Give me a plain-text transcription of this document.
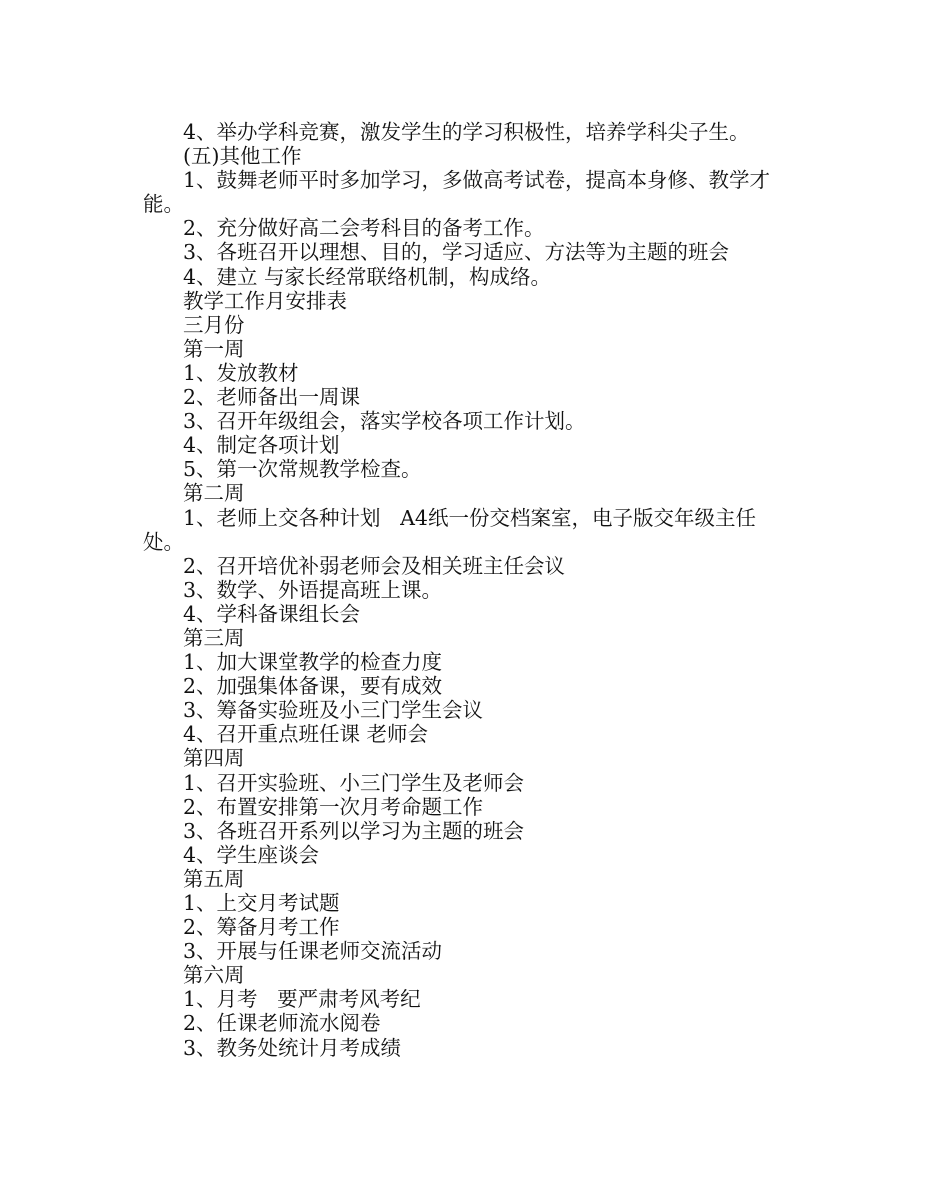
4、举办学科竞赛，激发学生的学习积极性，培养学科尖子生。
(五)其他工作
1、鼓舞老师平时多加学习，多做高考试卷，提高本身修、教学才
能。
2、充分做好高二会考科目的备考工作。
3、各班召开以理想、目的，学习适应、方法等为主题的班会
4、建立 与家长经常联络机制，构成络。
教学工作月安排表
三月份
第一周
1、发放教材
2、老师备出一周课
3、召开年级组会，落实学校各项工作计划。
4、制定各项计划
5、第一次常规教学检查。
第二周
1、老师上交各种计划   A4纸一份交档案室，电子版交年级主任
处。
2、召开培优补弱老师会及相关班主任会议
3、数学、外语提高班上课。
4、学科备课组长会
第三周
1、加大课堂教学的检查力度
2、加强集体备课，要有成效
3、筹备实验班及小三门学生会议
4、召开重点班任课 老师会
第四周
1、召开实验班、小三门学生及老师会
2、布置安排第一次月考命题工作
3、各班召开系列以学习为主题的班会
4、学生座谈会
第五周
1、上交月考试题
2、筹备月考工作
3、开展与任课老师交流活动
第六周
1、月考   要严肃考风考纪
2、任课老师流水阅卷
3、教务处统计月考成绩
